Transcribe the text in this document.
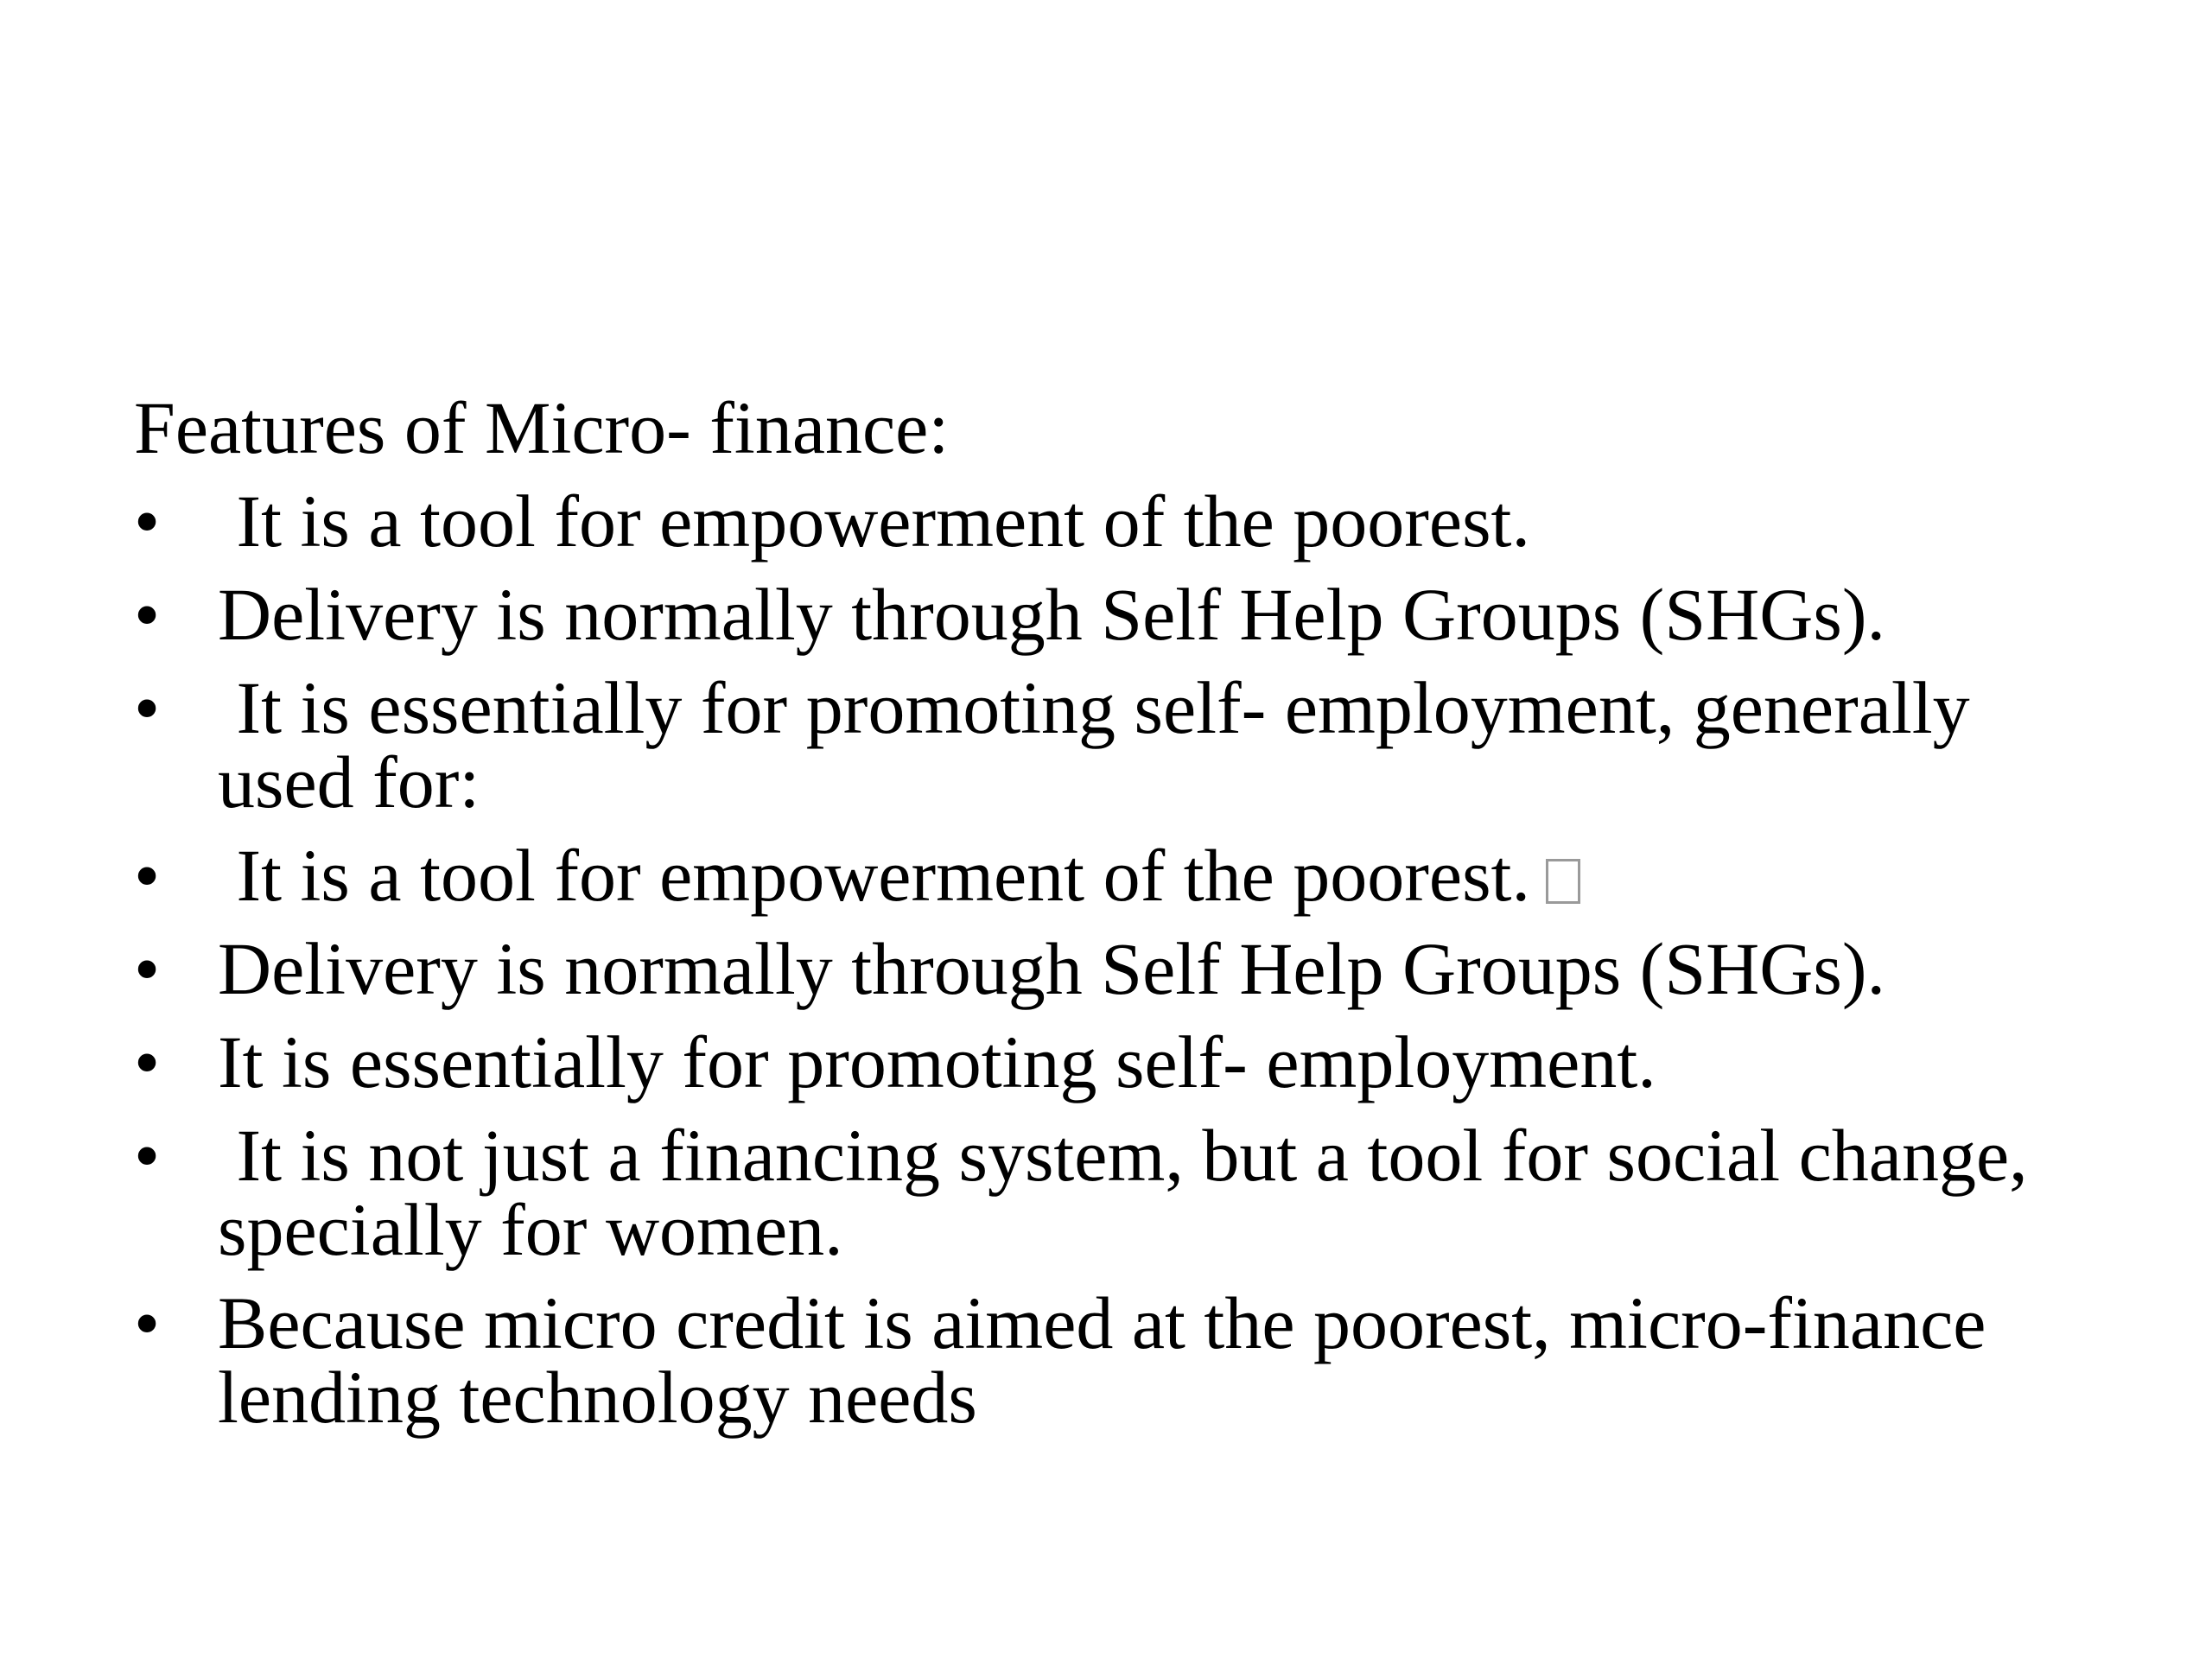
Features of Micro- finance:
• It is a tool for empowerment of the poorest.
• Delivery is normally through Self Help Groups (SHGs).
• It is essentially for promoting self- employment, generally used for:
• It is a tool for empowerment of the poorest.
• Delivery is normally through Self Help Groups (SHGs).
• It is essentially for promoting self- employment.
• It is not just a financing system, but a tool for social change, specially for women.
• Because micro credit is aimed at the poorest, micro-finance lending technology needs
